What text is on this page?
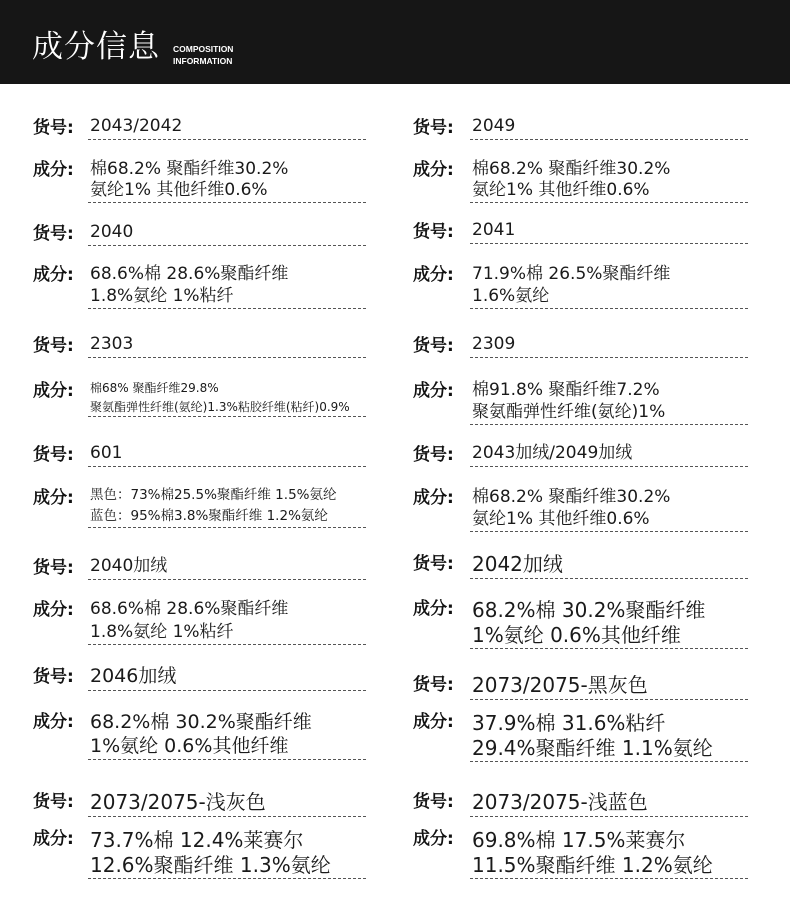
成分信息 COMPOSITION
INFORMATION
货号: 2043/2042
成分: 棉68.2% 聚酯纤维30.2%
氨纶1% 其他纤维0.6%
货号: 2040
成分: 68.6%棉 28.6%聚酯纤维
1.8%氨纶 1%粘纤
货号: 2303
成分: 棉68% 聚酯纤维29.8%
聚氨酯弹性纤维(氨纶)1.3%粘胶纤维(粘纤)0.9%
货号: 601
成分: 黑色：73%棉25.5%聚酯纤维 1.5%氨纶
蓝色：95%棉3.8%聚酯纤维 1.2%氨纶
货号: 2040加绒
成分: 68.6%棉 28.6%聚酯纤维
1.8%氨纶 1%粘纤
货号: 2046加绒
成分: 68.2%棉 30.2%聚酯纤维
1%氨纶 0.6%其他纤维
货号: 2073/2075-浅灰色
成分: 73.7%棉 12.4%莱赛尔
12.6%聚酯纤维 1.3%氨纶
货号: 2049
成分: 棉68.2% 聚酯纤维30.2%
氨纶1% 其他纤维0.6%
货号: 2041
成分: 71.9%棉 26.5%聚酯纤维
1.6%氨纶
货号: 2309
成分: 棉91.8% 聚酯纤维7.2%
聚氨酯弹性纤维(氨纶)1%
货号: 2043加绒/2049加绒
成分: 棉68.2% 聚酯纤维30.2%
氨纶1% 其他纤维0.6%
货号: 2042加绒
成分: 68.2%棉 30.2%聚酯纤维
1%氨纶 0.6%其他纤维
货号: 2073/2075-黑灰色
成分: 37.9%棉 31.6%粘纤
29.4%聚酯纤维 1.1%氨纶
货号: 2073/2075-浅蓝色
成分: 69.8%棉 17.5%莱赛尔
11.5%聚酯纤维 1.2%氨纶
